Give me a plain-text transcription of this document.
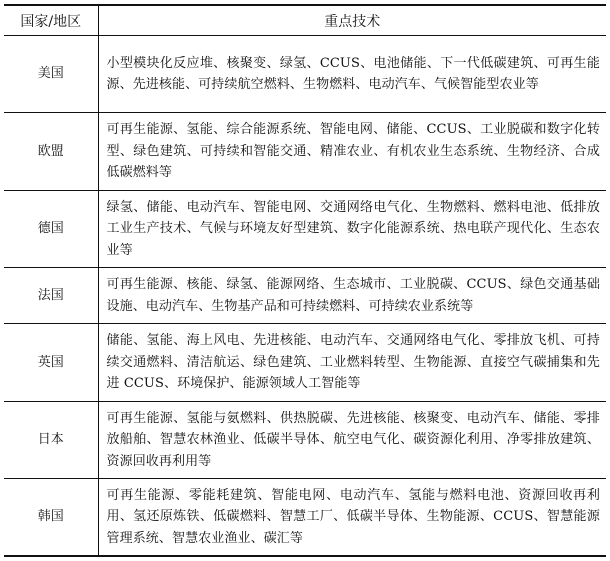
国家/地区	重点技术
美国	小型模块化反应堆、核聚变、绿氢、CCUS、电池储能、下一代低碳建筑、可再生能源、先进核能、可持续航空燃料、生物燃料、电动汽车、气候智能型农业等
欧盟	可再生能源、氢能、综合能源系统、智能电网、储能、CCUS、工业脱碳和数字化转型、绿色建筑、可持续和智能交通、精准农业、有机农业生态系统、生物经济、合成低碳燃料等
德国	绿氢、储能、电动汽车、智能电网、交通网络电气化、生物燃料、燃料电池、低排放工业生产技术、气候与环境友好型建筑、数字化能源系统、热电联产现代化、生态农业等
法国	可再生能源、核能、绿氢、能源网络、生态城市、工业脱碳、CCUS、绿色交通基础设施、电动汽车、生物基产品和可持续燃料、可持续农业系统等
英国	储能、氢能、海上风电、先进核能、电动汽车、交通网络电气化、零排放飞机、可持续交通燃料、清洁航运、绿色建筑、工业燃料转型、生物能源、直接空气碳捕集和先进 CCUS、环境保护、能源领域人工智能等
日本	可再生能源、氢能与氨燃料、供热脱碳、先进核能、核聚变、电动汽车、储能、零排放船舶、智慧农林渔业、低碳半导体、航空电气化、碳资源化利用、净零排放建筑、资源回收再利用等
韩国	可再生能源、零能耗建筑、智能电网、电动汽车、氢能与燃料电池、资源回收再利用、氢还原炼铁、低碳燃料、智慧工厂、低碳半导体、生物能源、CCUS、智慧能源管理系统、智慧农业渔业、碳汇等
